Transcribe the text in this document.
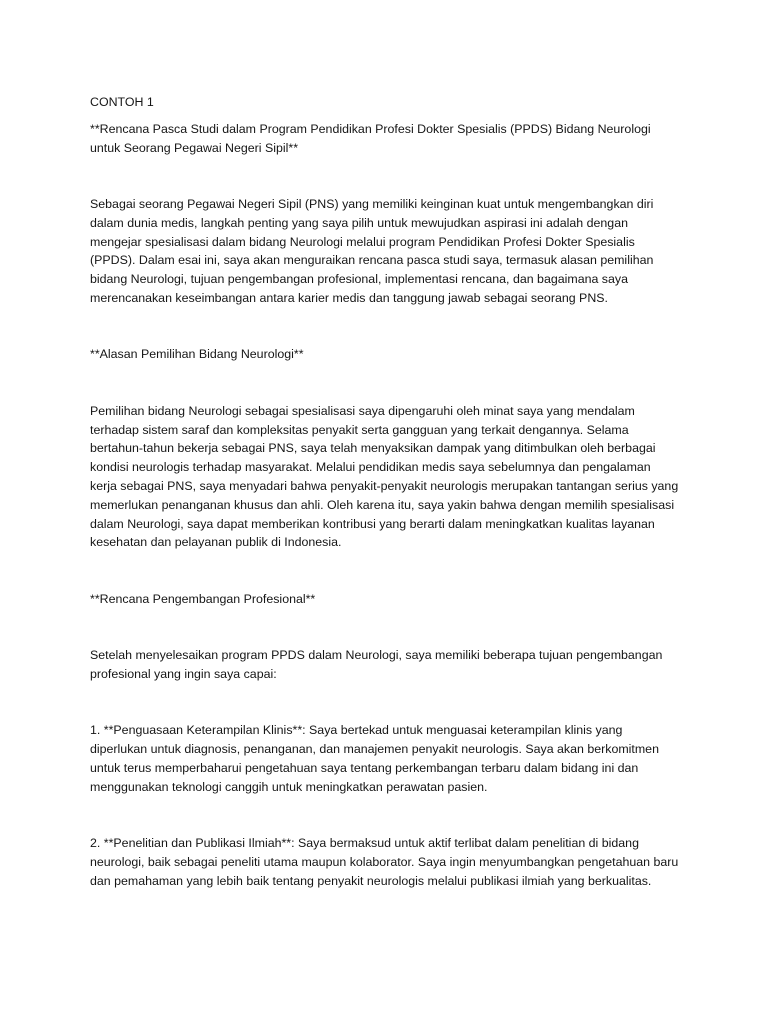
CONTOH 1

**Rencana Pasca Studi dalam Program Pendidikan Profesi Dokter Spesialis (PPDS) Bidang Neurologi untuk Seorang Pegawai Negeri Sipil**

Sebagai seorang Pegawai Negeri Sipil (PNS) yang memiliki keinginan kuat untuk mengembangkan diri dalam dunia medis, langkah penting yang saya pilih untuk mewujudkan aspirasi ini adalah dengan mengejar spesialisasi dalam bidang Neurologi melalui program Pendidikan Profesi Dokter Spesialis (PPDS). Dalam esai ini, saya akan menguraikan rencana pasca studi saya, termasuk alasan pemilihan bidang Neurologi, tujuan pengembangan profesional, implementasi rencana, dan bagaimana saya merencanakan keseimbangan antara karier medis dan tanggung jawab sebagai seorang PNS.

**Alasan Pemilihan Bidang Neurologi**

Pemilihan bidang Neurologi sebagai spesialisasi saya dipengaruhi oleh minat saya yang mendalam terhadap sistem saraf dan kompleksitas penyakit serta gangguan yang terkait dengannya. Selama bertahun-tahun bekerja sebagai PNS, saya telah menyaksikan dampak yang ditimbulkan oleh berbagai kondisi neurologis terhadap masyarakat. Melalui pendidikan medis saya sebelumnya dan pengalaman kerja sebagai PNS, saya menyadari bahwa penyakit-penyakit neurologis merupakan tantangan serius yang memerlukan penanganan khusus dan ahli. Oleh karena itu, saya yakin bahwa dengan memilih spesialisasi dalam Neurologi, saya dapat memberikan kontribusi yang berarti dalam meningkatkan kualitas layanan kesehatan dan pelayanan publik di Indonesia.

**Rencana Pengembangan Profesional**

Setelah menyelesaikan program PPDS dalam Neurologi, saya memiliki beberapa tujuan pengembangan profesional yang ingin saya capai:

1. **Penguasaan Keterampilan Klinis**: Saya bertekad untuk menguasai keterampilan klinis yang diperlukan untuk diagnosis, penanganan, dan manajemen penyakit neurologis. Saya akan berkomitmen untuk terus memperbaharui pengetahuan saya tentang perkembangan terbaru dalam bidang ini dan menggunakan teknologi canggih untuk meningkatkan perawatan pasien.

2. **Penelitian dan Publikasi Ilmiah**: Saya bermaksud untuk aktif terlibat dalam penelitian di bidang neurologi, baik sebagai peneliti utama maupun kolaborator. Saya ingin menyumbangkan pengetahuan baru dan pemahaman yang lebih baik tentang penyakit neurologis melalui publikasi ilmiah yang berkualitas.
